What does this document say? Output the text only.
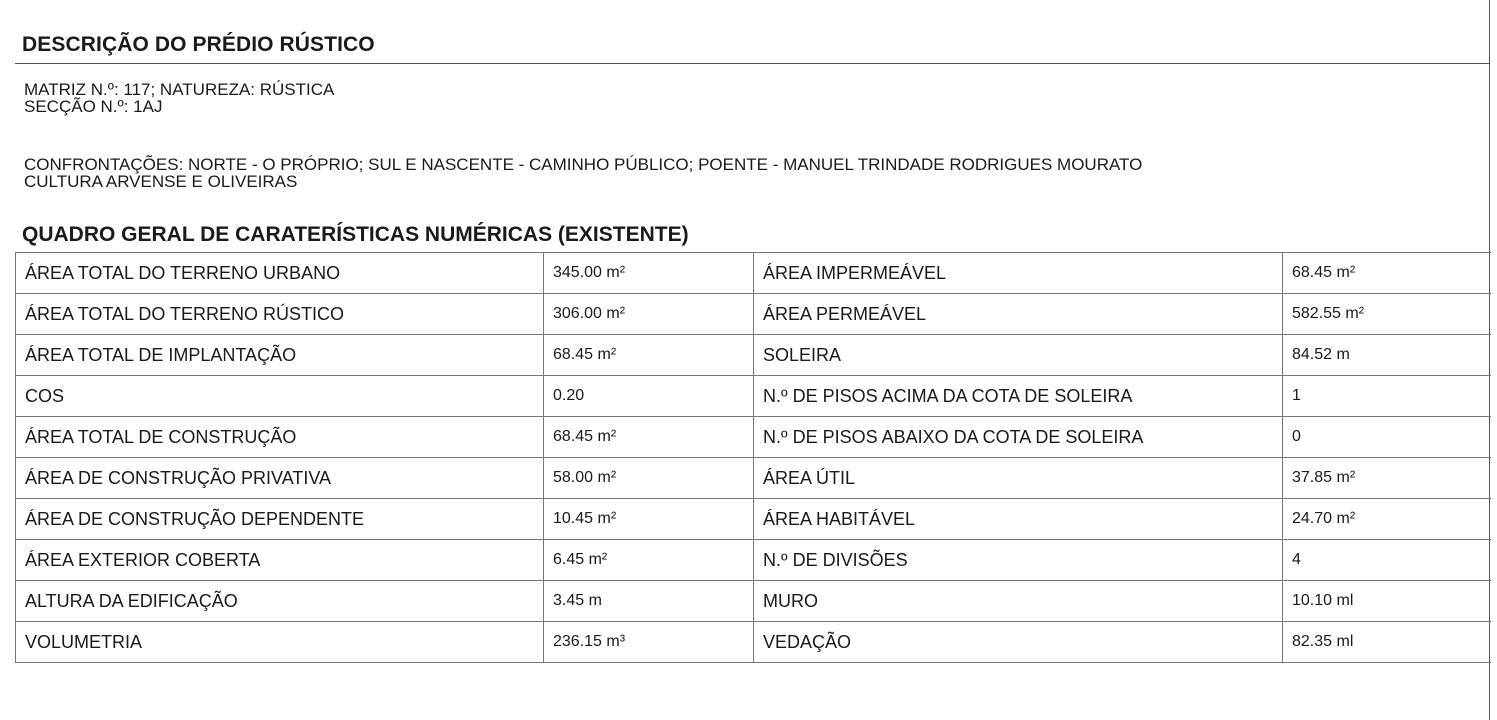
DESCRIÇÃO DO PRÉDIO RÚSTICO
MATRIZ N.º: 117; NATUREZA: RÚSTICA
SECÇÃO N.º: 1AJ
CONFRONTAÇÕES: NORTE - O PRÓPRIO; SUL E NASCENTE - CAMINHO PÚBLICO; POENTE - MANUEL TRINDADE RODRIGUES MOURATO
CULTURA ARVENSE E OLIVEIRAS
QUADRO GERAL DE CARATERÍSTICAS NUMÉRICAS (EXISTENTE)
ÁREA TOTAL DO TERRENO URBANO	345.00 m²	ÁREA IMPERMEÁVEL	68.45 m²
ÁREA TOTAL DO TERRENO RÚSTICO	306.00 m²	ÁREA PERMEÁVEL	582.55 m²
ÁREA TOTAL DE IMPLANTAÇÃO	68.45 m²	SOLEIRA	84.52 m
COS	0.20	N.º DE PISOS ACIMA DA COTA DE SOLEIRA	1
ÁREA TOTAL DE CONSTRUÇÃO	68.45 m²	N.º DE PISOS ABAIXO DA COTA DE SOLEIRA	0
ÁREA DE CONSTRUÇÃO PRIVATIVA	58.00 m²	ÁREA ÚTIL	37.85 m²
ÁREA DE CONSTRUÇÃO DEPENDENTE	10.45 m²	ÁREA HABITÁVEL	24.70 m²
ÁREA EXTERIOR COBERTA	6.45 m²	N.º DE DIVISÕES	4
ALTURA DA EDIFICAÇÃO	3.45 m	MURO	10.10 ml
VOLUMETRIA	236.15 m³	VEDAÇÃO	82.35 ml
